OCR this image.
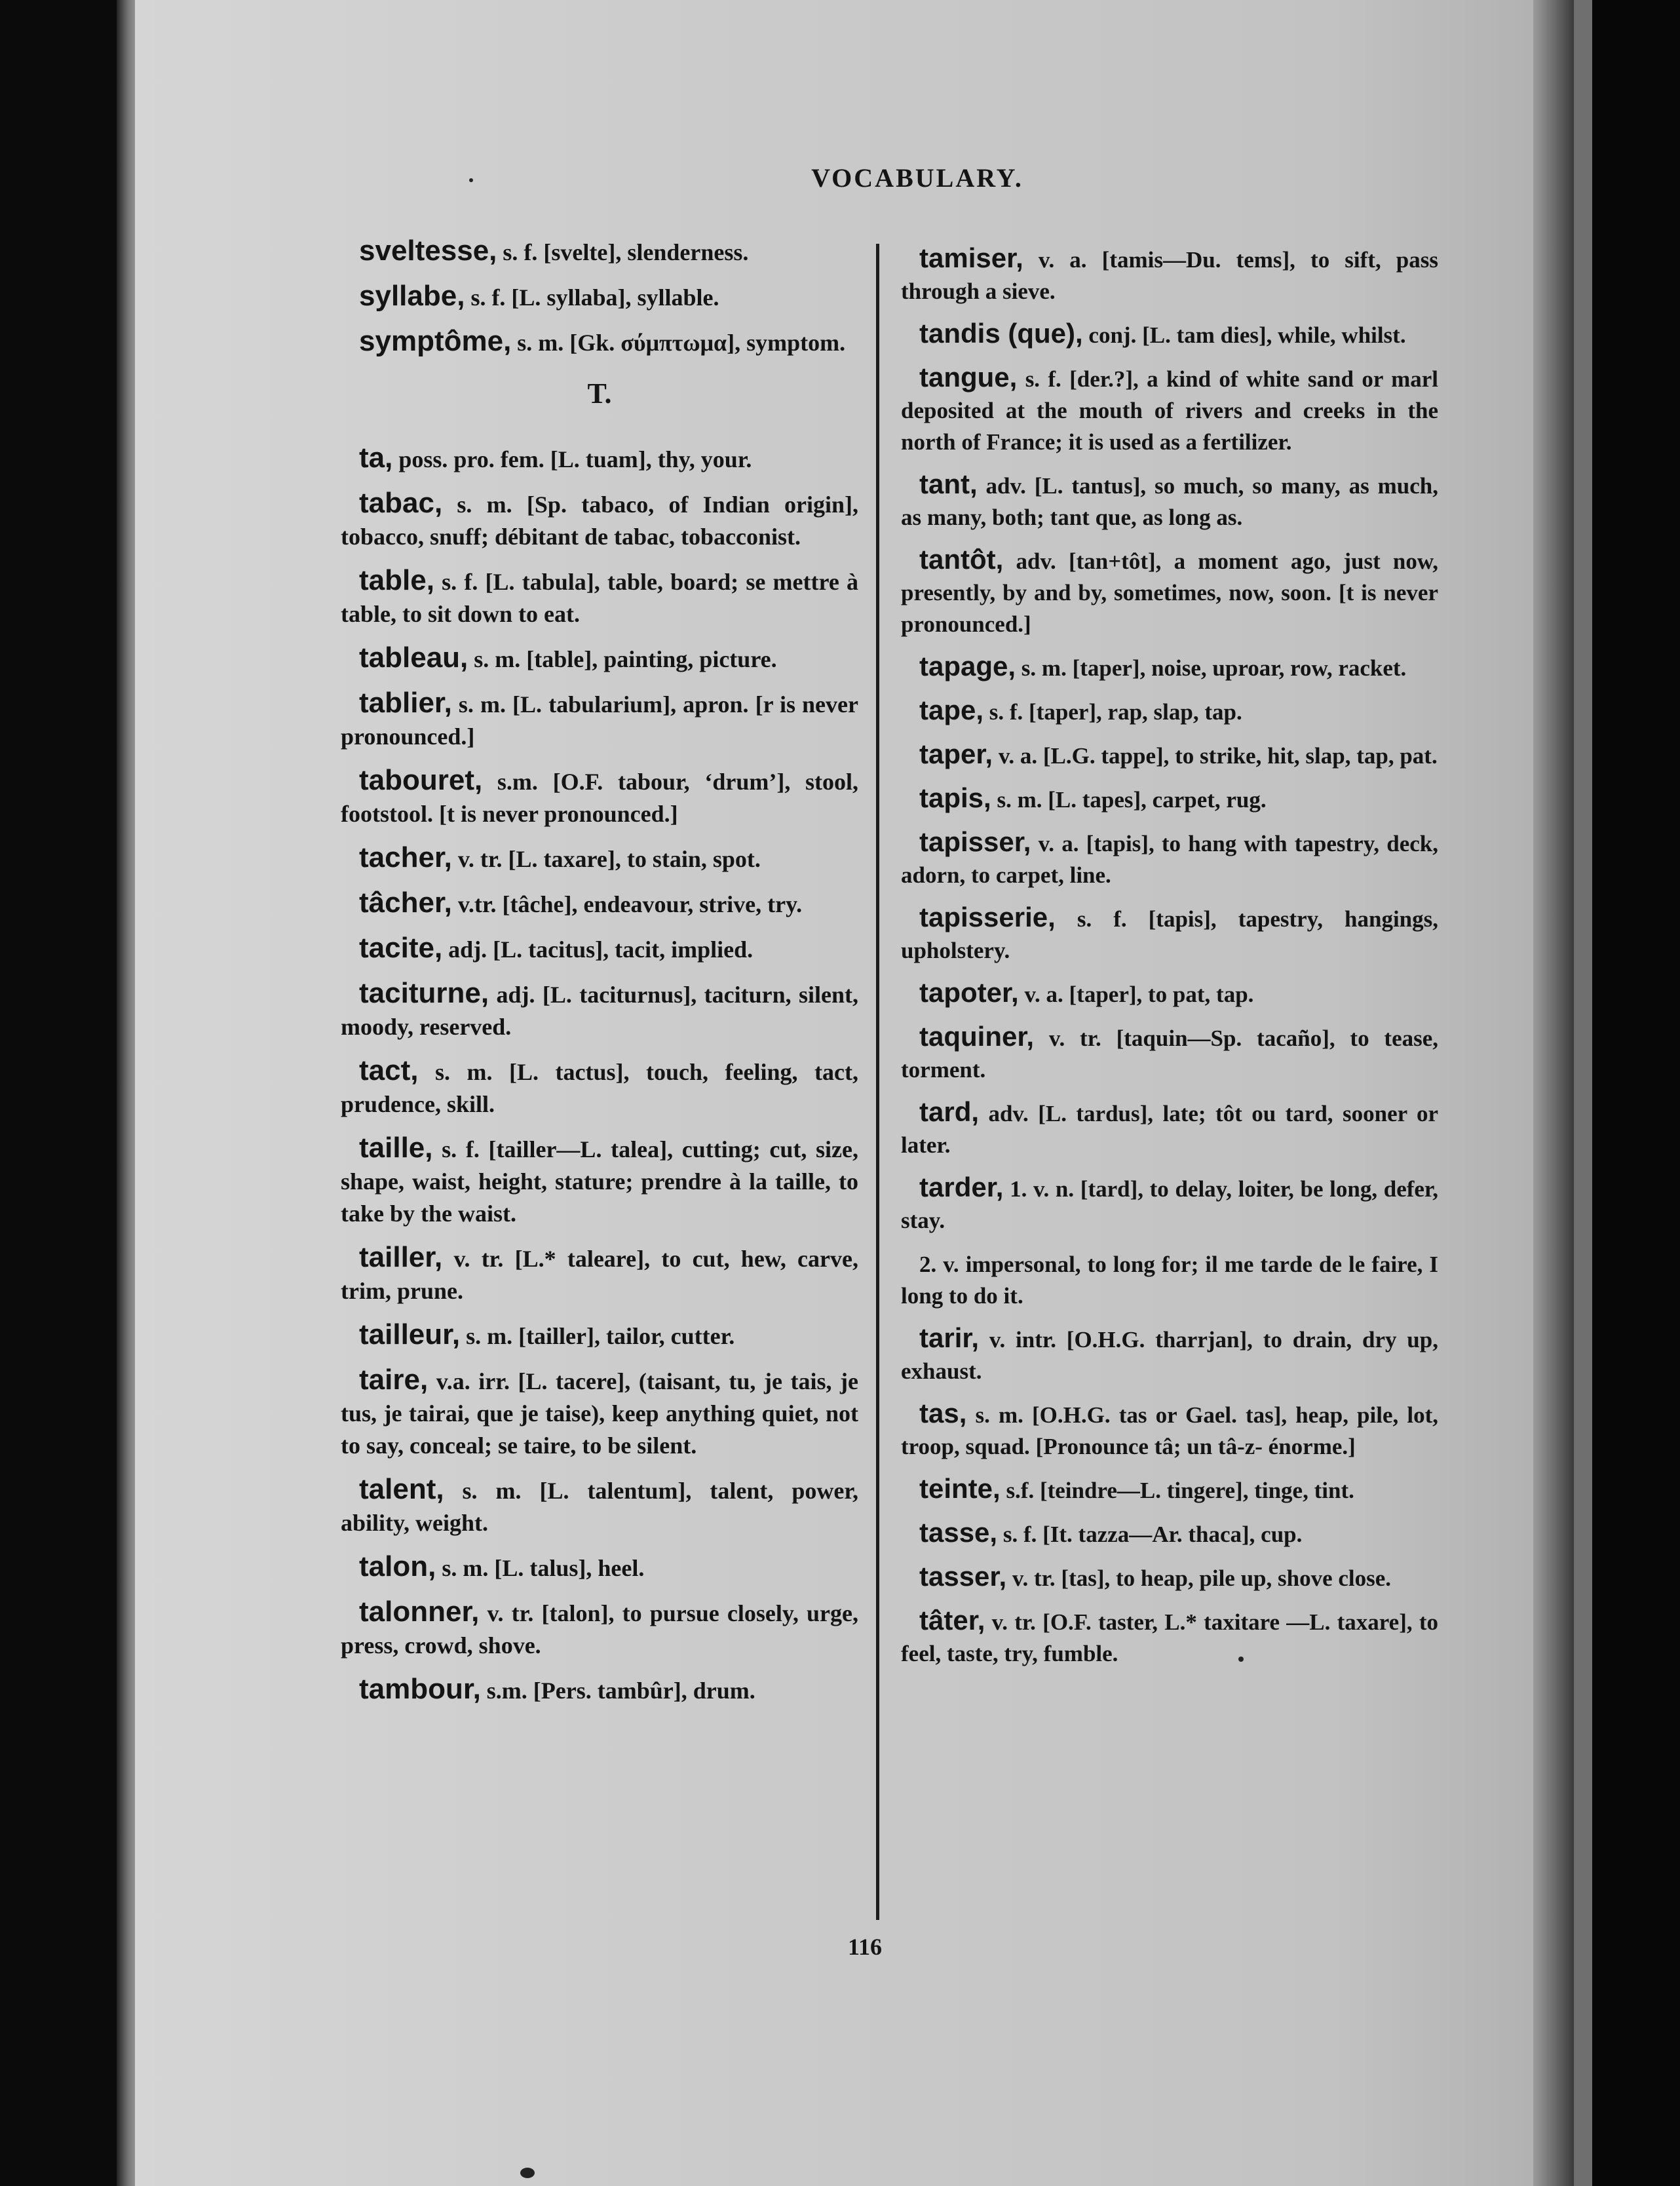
VOCABULARY.

sveltesse, s. f. [svelte], slenderness.

syllabe, s. f. [L. syllaba], syllable.

symptôme, s. m. [Gk. σύμπτωμα], symptom.

T.

ta, poss. pro. fem. [L. tuam], thy, your.

tabac, s. m. [Sp. tabaco, of Indian origin], tobacco, snuff; débitant de tabac, tobacconist.

table, s. f. [L. tabula], table, board; se mettre à table, to sit down to eat.

tableau, s. m. [table], painting, picture.

tablier, s. m. [L. tabularium], apron. [r is never pronounced.]

tabouret, s.m. [O.F. tabour, ‘drum’], stool, footstool. [t is never pronounced.]

tacher, v. tr. [L. taxare], to stain, spot.

tâcher, v.tr. [tâche], endeavour, strive, try.

tacite, adj. [L. tacitus], tacit, implied.

taciturne, adj. [L. taciturnus], taciturn, silent, moody, reserved.

tact, s. m. [L. tactus], touch, feeling, tact, prudence, skill.

taille, s. f. [tailler—L. talea], cutting; cut, size, shape, waist, height, stature; prendre à la taille, to take by the waist.

tailler, v. tr. [L.* taleare], to cut, hew, carve, trim, prune.

tailleur, s. m. [tailler], tailor, cutter.

taire, v.a. irr. [L. tacere], (taisant, tu, je tais, je tus, je tairai, que je taise), keep anything quiet, not to say, conceal; se taire, to be silent.

talent, s. m. [L. talentum], talent, power, ability, weight.

talon, s. m. [L. talus], heel.

talonner, v. tr. [talon], to pursue closely, urge, press, crowd, shove.

tambour, s.m. [Pers. tambûr], drum.

tamiser, v. a. [tamis—Du. tems], to sift, pass through a sieve.

tandis (que), conj. [L. tam dies], while, whilst.

tangue, s. f. [der.?], a kind of white sand or marl deposited at the mouth of rivers and creeks in the north of France; it is used as a fertilizer.

tant, adv. [L. tantus], so much, so many, as much, as many, both; tant que, as long as.

tantôt, adv. [tan+tôt], a moment ago, just now, presently, by and by, sometimes, now, soon. [t is never pronounced.]

tapage, s. m. [taper], noise, uproar, row, racket.

tape, s. f. [taper], rap, slap, tap.

taper, v. a. [L.G. tappe], to strike, hit, slap, tap, pat.

tapis, s. m. [L. tapes], carpet, rug.

tapisser, v. a. [tapis], to hang with tapestry, deck, adorn, to carpet, line.

tapisserie, s. f. [tapis], tapestry, hangings, upholstery.

tapoter, v. a. [taper], to pat, tap.

taquiner, v. tr. [taquin—Sp. tacaño], to tease, torment.

tard, adv. [L. tardus], late; tôt ou tard, sooner or later.

tarder, 1. v. n. [tard], to delay, loiter, be long, defer, stay.

2. v. impersonal, to long for; il me tarde de le faire, I long to do it.

tarir, v. intr. [O.H.G. tharrjan], to drain, dry up, exhaust.

tas, s. m. [O.H.G. tas or Gael. tas], heap, pile, lot, troop, squad. [Pronounce tâ; un tâ-z- énorme.]

teinte, s.f. [teindre—L. tingere], tinge, tint.

tasse, s. f. [It. tazza—Ar. thaca], cup.

tasser, v. tr. [tas], to heap, pile up, shove close.

tâter, v. tr. [O.F. taster, L.* taxitare —L. taxare], to feel, taste, try, fumble.

116
